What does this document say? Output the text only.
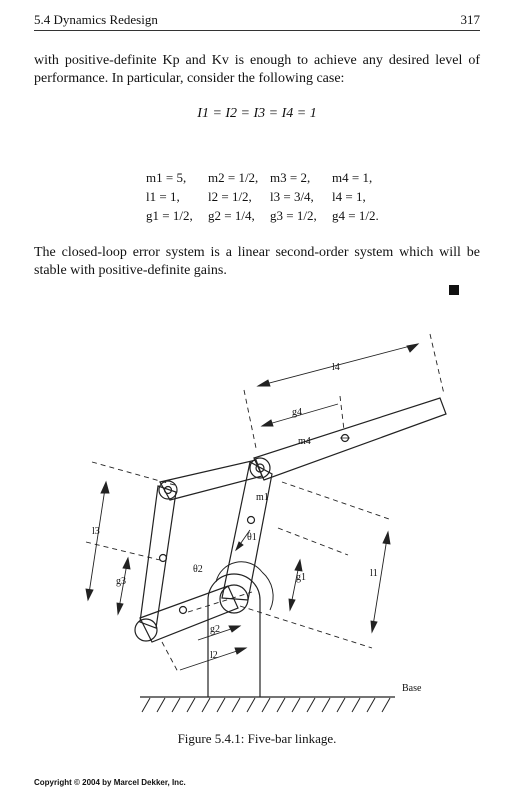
5.4 Dynamics Redesign	317
with positive-definite Kp and Kv is enough to achieve any desired level of performance. In particular, consider the following case:
I1 = I2 = I3 = I4 = 1
m1 = 5, m2 = 1/2, m3 = 2, m4 = 1,
l1 = 1, l2 = 1/2, l3 = 3/4, l4 = 1,
g1 = 1/2, g2 = 1/4, g3 = 1/2, g4 = 1/2.
The closed-loop error system is a linear second-order system which will be stable with positive-definite gains.
l4
g4
m4
m1
θ1
θ2
l3
g3	g1	l1
g2
l2
Base
Figure 5.4.1: Five-bar linkage.
Copyright © 2004 by Marcel Dekker, Inc.
